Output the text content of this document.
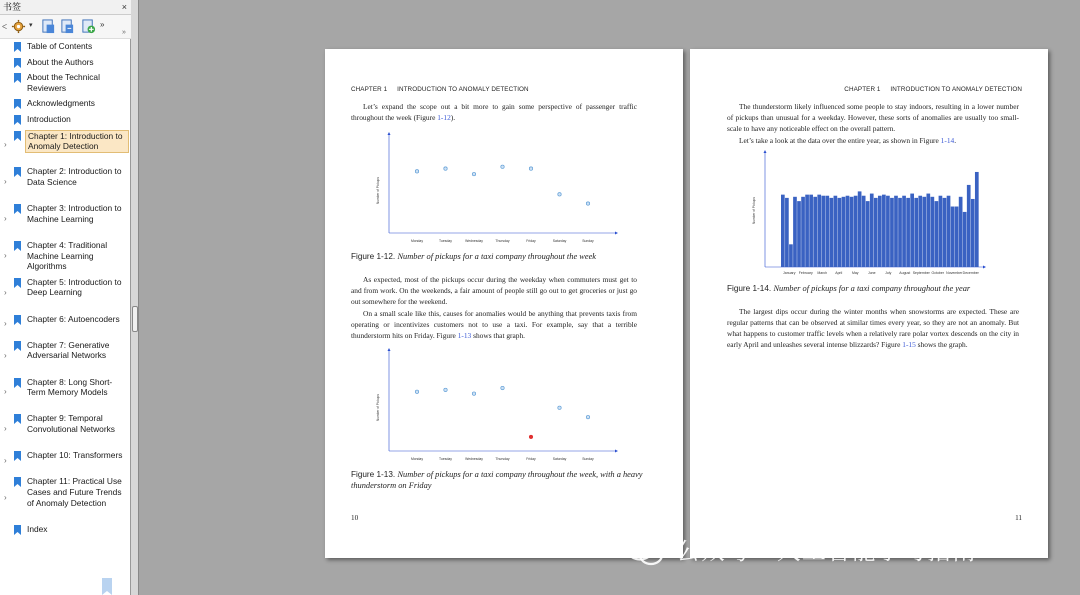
书签	×
ᐸ	▾	»
»
Table of Contents
About the Authors
About the Technical Reviewers
Acknowledgments
Introduction
›
Chapter 1: Introduction to Anomaly Detection
›
Chapter 2: Introduction to Data Science
›
Chapter 3: Introduction to Machine Learning
›
Chapter 4: Traditional Machine Learning Algorithms
›
Chapter 5: Introduction to Deep Learning
›
Chapter 6: Autoencoders
›
Chapter 7: Generative Adversarial Networks
›
Chapter 8: Long Short-Term Memory Models
›
Chapter 9: Temporal Convolutional Networks
›
Chapter 10: Transformers
›
Chapter 11: Practical Use Cases and Future Trends of Anomaly Detection
Index
CHAPTER 1 INTRODUCTION TO ANOMALY DETECTION
Let’s expand the scope out a bit more to gain some perspective of passenger traffic throughout the week (Figure 1-12).
Number of Pickups
Monday	Tuesday	Wednesday	Thursday	Friday	Saturday	Sunday
Figure 1-12. Number of pickups for a taxi company throughout the week
As expected, most of the pickups occur during the weekday when commuters must get to and from work. On the weekends, a fair amount of people still go out to get groceries or just go out somewhere for the weekend.
On a small scale like this, causes for anomalies would be anything that prevents taxis from operating or incentivizes customers not to use a taxi. For example, say that a terrible thunderstorm hits on Friday. Figure 1-13 shows that graph.
Number of Pickups
Monday	Tuesday	Wednesday	Thursday	Friday	Saturday	Sunday
Figure 1-13. Number of pickups for a taxi company throughout the week, with a heavy thunderstorm on Friday
10
CHAPTER 1 INTRODUCTION TO ANOMALY DETECTION
The thunderstorm likely influenced some people to stay indoors, resulting in a lower number of pickups than unusual for a weekday. However, these sorts of anomalies are usually too small-scale to have any noticeable effect on the overall pattern.
Let’s take a look at the data over the entire year, as shown in Figure 1-14.
Number of Pickups
January February March April	May	June	July August September October November December
Figure 1-14. Number of pickups for a taxi company throughout the year
The largest dips occur during the winter months when snowstorms are expected. These are regular patterns that can be observed at similar times every year, so they are not an anomaly. But what happens to customer traffic levels when a relatively rare polar vortex descends on the city in early April and unleashes several intense blizzards? Figure 1-15 shows the graph.
11
公众号 · 人工智能学习指南
